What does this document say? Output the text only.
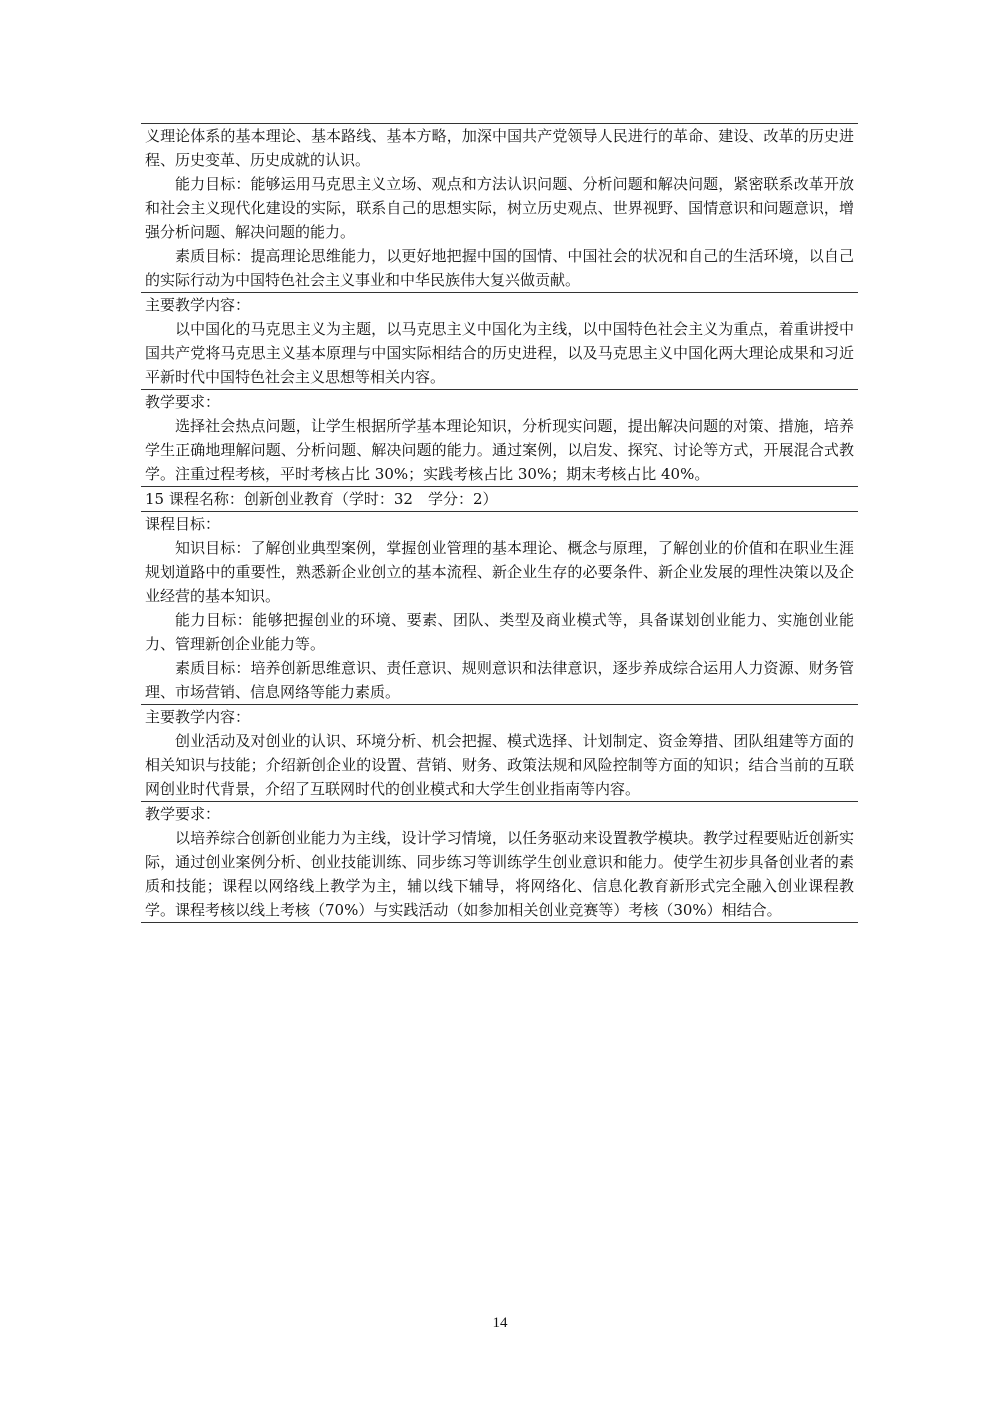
义理论体系的基本理论、基本路线、基本方略，加深中国共产党领导人民进行的革命、建设、改革的历史进程、历史变革、历史成就的认识。

能力目标：能够运用马克思主义立场、观点和方法认识问题、分析问题和解决问题，紧密联系改革开放和社会主义现代化建设的实际，联系自己的思想实际，树立历史观点、世界视野、国情意识和问题意识，增强分析问题、解决问题的能力。

素质目标：提高理论思维能力，以更好地把握中国的国情、中国社会的状况和自己的生活环境，以自己的实际行动为中国特色社会主义事业和中华民族伟大复兴做贡献。

主要教学内容：

以中国化的马克思主义为主题，以马克思主义中国化为主线，以中国特色社会主义为重点，着重讲授中国共产党将马克思主义基本原理与中国实际相结合的历史进程，以及马克思主义中国化两大理论成果和习近平新时代中国特色社会主义思想等相关内容。

教学要求：

选择社会热点问题，让学生根据所学基本理论知识，分析现实问题，提出解决问题的对策、措施，培养学生正确地理解问题、分析问题、解决问题的能力。通过案例，以启发、探究、讨论等方式，开展混合式教学。注重过程考核，平时考核占比 30%；实践考核占比 30%；期末考核占比 40%。

15 课程名称：创新创业教育（学时：32　学分：2）
课程目标：

知识目标：了解创业典型案例，掌握创业管理的基本理论、概念与原理，了解创业的价值和在职业生涯规划道路中的重要性，熟悉新企业创立的基本流程、新企业生存的必要条件、新企业发展的理性决策以及企业经营的基本知识。

能力目标：能够把握创业的环境、要素、团队、类型及商业模式等，具备谋划创业能力、实施创业能力、管理新创企业能力等。

素质目标：培养创新思维意识、责任意识、规则意识和法律意识，逐步养成综合运用人力资源、财务管理、市场营销、信息网络等能力素质。

主要教学内容：

创业活动及对创业的认识、环境分析、机会把握、模式选择、计划制定、资金筹措、团队组建等方面的相关知识与技能；介绍新创企业的设置、营销、财务、政策法规和风险控制等方面的知识；结合当前的互联网创业时代背景，介绍了互联网时代的创业模式和大学生创业指南等内容。

教学要求：

以培养综合创新创业能力为主线，设计学习情境，以任务驱动来设置教学模块。教学过程要贴近创新实际，通过创业案例分析、创业技能训练、同步练习等训练学生创业意识和能力。使学生初步具备创业者的素质和技能；课程以网络线上教学为主，辅以线下辅导，将网络化、信息化教育新形式完全融入创业课程教学。课程考核以线上考核（70%）与实践活动（如参加相关创业竞赛等）考核（30%）相结合。

14
